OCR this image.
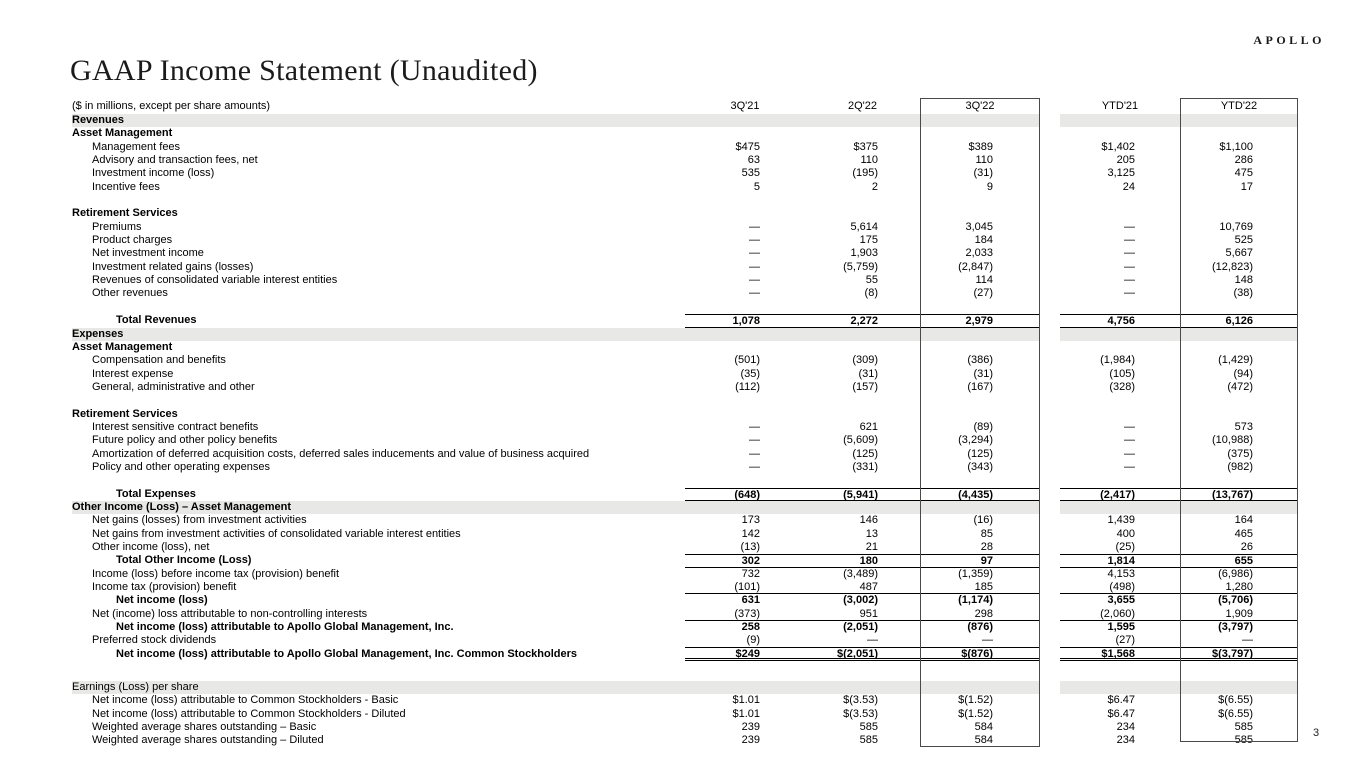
APOLLO
GAAP Income Statement (Unaudited)
($ in millions, except per share amounts)	3Q'21	2Q'22	3Q'22	YTD'21	YTD'22
Revenues
Asset Management
Management fees	$475	$375	$389	$1,402	$1,100
Advisory and transaction fees, net	63	110	110	205	286
Investment income (loss)	535	(195)	(31)	3,125	475
Incentive fees	5	2	9	24	17
Retirement Services
Premiums	—	5,614	3,045	—	10,769
Product charges	—	175	184	—	525
Net investment income	—	1,903	2,033	—	5,667
Investment related gains (losses)	—	(5,759)	(2,847)	—	(12,823)
Revenues of consolidated variable interest entities	—	55	114	—	148
Other revenues	—	(8)	(27)	—	(38)
Total Revenues	1,078	2,272	2,979	4,756	6,126
Expenses
Asset Management
Compensation and benefits	(501)	(309)	(386)	(1,984)	(1,429)
Interest expense	(35)	(31)	(31)	(105)	(94)
General, administrative and other	(112)	(157)	(167)	(328)	(472)
Retirement Services
Interest sensitive contract benefits	—	621	(89)	—	573
Future policy and other policy benefits	—	(5,609)	(3,294)	—	(10,988)
Amortization of deferred acquisition costs, deferred sales inducements and value of business acquired	—	(125)	(125)	—	(375)
Policy and other operating expenses	—	(331)	(343)	—	(982)
Total Expenses	(648)	(5,941)	(4,435)	(2,417)	(13,767)
Other Income (Loss) – Asset Management
Net gains (losses) from investment activities	173	146	(16)	1,439	164
Net gains from investment activities of consolidated variable interest entities	142	13	85	400	465
Other income (loss), net	(13)	21	28	(25)	26
Total Other Income (Loss)	302	180	97	1,814	655
Income (loss) before income tax (provision) benefit	732	(3,489)	(1,359)	4,153	(6,986)
Income tax (provision) benefit	(101)	487	185	(498)	1,280
Net income (loss)	631	(3,002)	(1,174)	3,655	(5,706)
Net (income) loss attributable to non-controlling interests	(373)	951	298	(2,060)	1,909
Net income (loss) attributable to Apollo Global Management, Inc.	258	(2,051)	(876)	1,595	(3,797)
Preferred stock dividends	(9)	—	—	(27)	—
Net income (loss) attributable to Apollo Global Management, Inc. Common Stockholders	$249	$(2,051)	$(876)	$1,568	$(3,797)
Earnings (Loss) per share
Net income (loss) attributable to Common Stockholders - Basic	$1.01	$(3.53)	$(1.52)	$6.47	$(6.55)
Net income (loss) attributable to Common Stockholders - Diluted	$1.01	$(3.53)	$(1.52)	$6.47	$(6.55)
Weighted average shares outstanding – Basic	239	585	584	234	585
Weighted average shares outstanding – Diluted	239	585	584	234	585
3
